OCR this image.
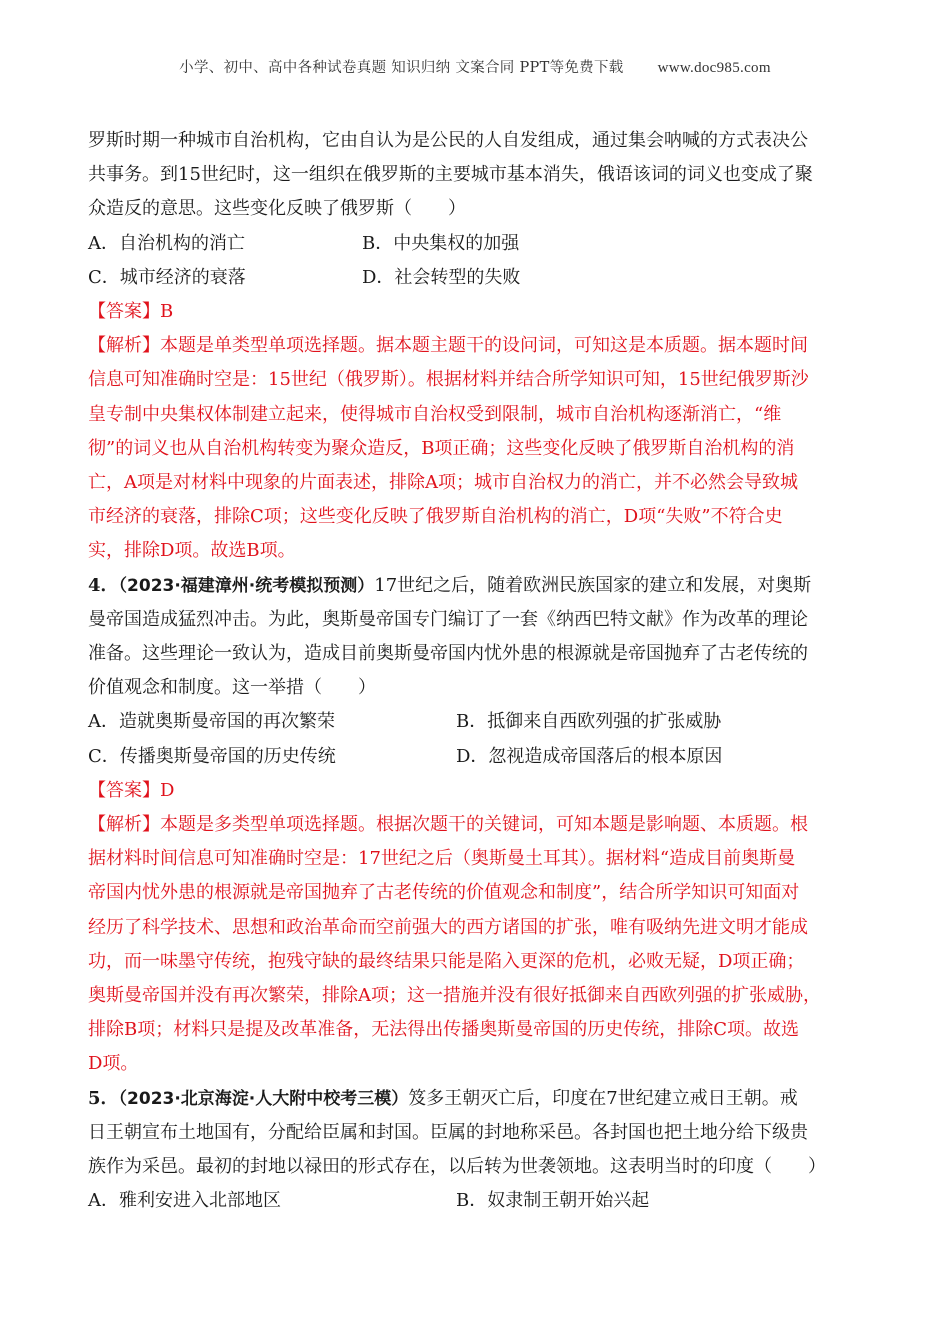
小学、初中、高中各种试卷真题 知识归纳 文案合同 PPT等免费下载 www.doc985.com

罗斯时期一种城市自治机构，它由自认为是公民的人自发组成，通过集会呐喊的方式表决公

共事务。到15世纪时，这一组织在俄罗斯的主要城市基本消失，俄语该词的词义也变成了聚

众造反的意思。这些变化反映了俄罗斯（　　）

A．自治机构的消亡	B．中央集权的加强
C．城市经济的衰落	D．社会转型的失败

【答案】B

【解析】本题是单类型单项选择题。据本题主题干的设问词，可知这是本质题。据本题时间

信息可知准确时空是：15世纪（俄罗斯）。根据材料并结合所学知识可知，15世纪俄罗斯沙

皇专制中央集权体制建立起来，使得城市自治权受到限制，城市自治机构逐渐消亡，“维

彻”的词义也从自治机构转变为聚众造反，B项正确；这些变化反映了俄罗斯自治机构的消

亡，A项是对材料中现象的片面表述，排除A项；城市自治权力的消亡，并不必然会导致城

市经济的衰落，排除C项；这些变化反映了俄罗斯自治机构的消亡，D项“失败”不符合史

实，排除D项。故选B项。

4．（2023·福建漳州·统考模拟预测）17世纪之后，随着欧洲民族国家的建立和发展，对奥斯

曼帝国造成猛烈冲击。为此，奥斯曼帝国专门编订了一套《纳西巴特文献》作为改革的理论

准备。这些理论一致认为，造成目前奥斯曼帝国内忧外患的根源就是帝国抛弃了古老传统的

价值观念和制度。这一举措（　　）

A．造就奥斯曼帝国的再次繁荣	B．抵御来自西欧列强的扩张威胁
C．传播奥斯曼帝国的历史传统	D．忽视造成帝国落后的根本原因

【答案】D

【解析】本题是多类型单项选择题。根据次题干的关键词，可知本题是影响题、本质题。根

据材料时间信息可知准确时空是：17世纪之后（奥斯曼土耳其）。据材料“造成目前奥斯曼

帝国内忧外患的根源就是帝国抛弃了古老传统的价值观念和制度”，结合所学知识可知面对

经历了科学技术、思想和政治革命而空前强大的西方诸国的扩张，唯有吸纳先进文明才能成

功，而一味墨守传统，抱残守缺的最终结果只能是陷入更深的危机，必败无疑，D项正确；

奥斯曼帝国并没有再次繁荣，排除A项；这一措施并没有很好抵御来自西欧列强的扩张威胁，

排除B项；材料只是提及改革准备，无法得出传播奥斯曼帝国的历史传统，排除C项。故选

D项。

5．（2023·北京海淀·人大附中校考三模）笈多王朝灭亡后，印度在7世纪建立戒日王朝。戒

日王朝宣布土地国有，分配给臣属和封国。臣属的封地称采邑。各封国也把土地分给下级贵

族作为采邑。最初的封地以禄田的形式存在，以后转为世袭领地。这表明当时的印度（　　）

A．雅利安进入北部地区	B．奴隶制王朝开始兴起
